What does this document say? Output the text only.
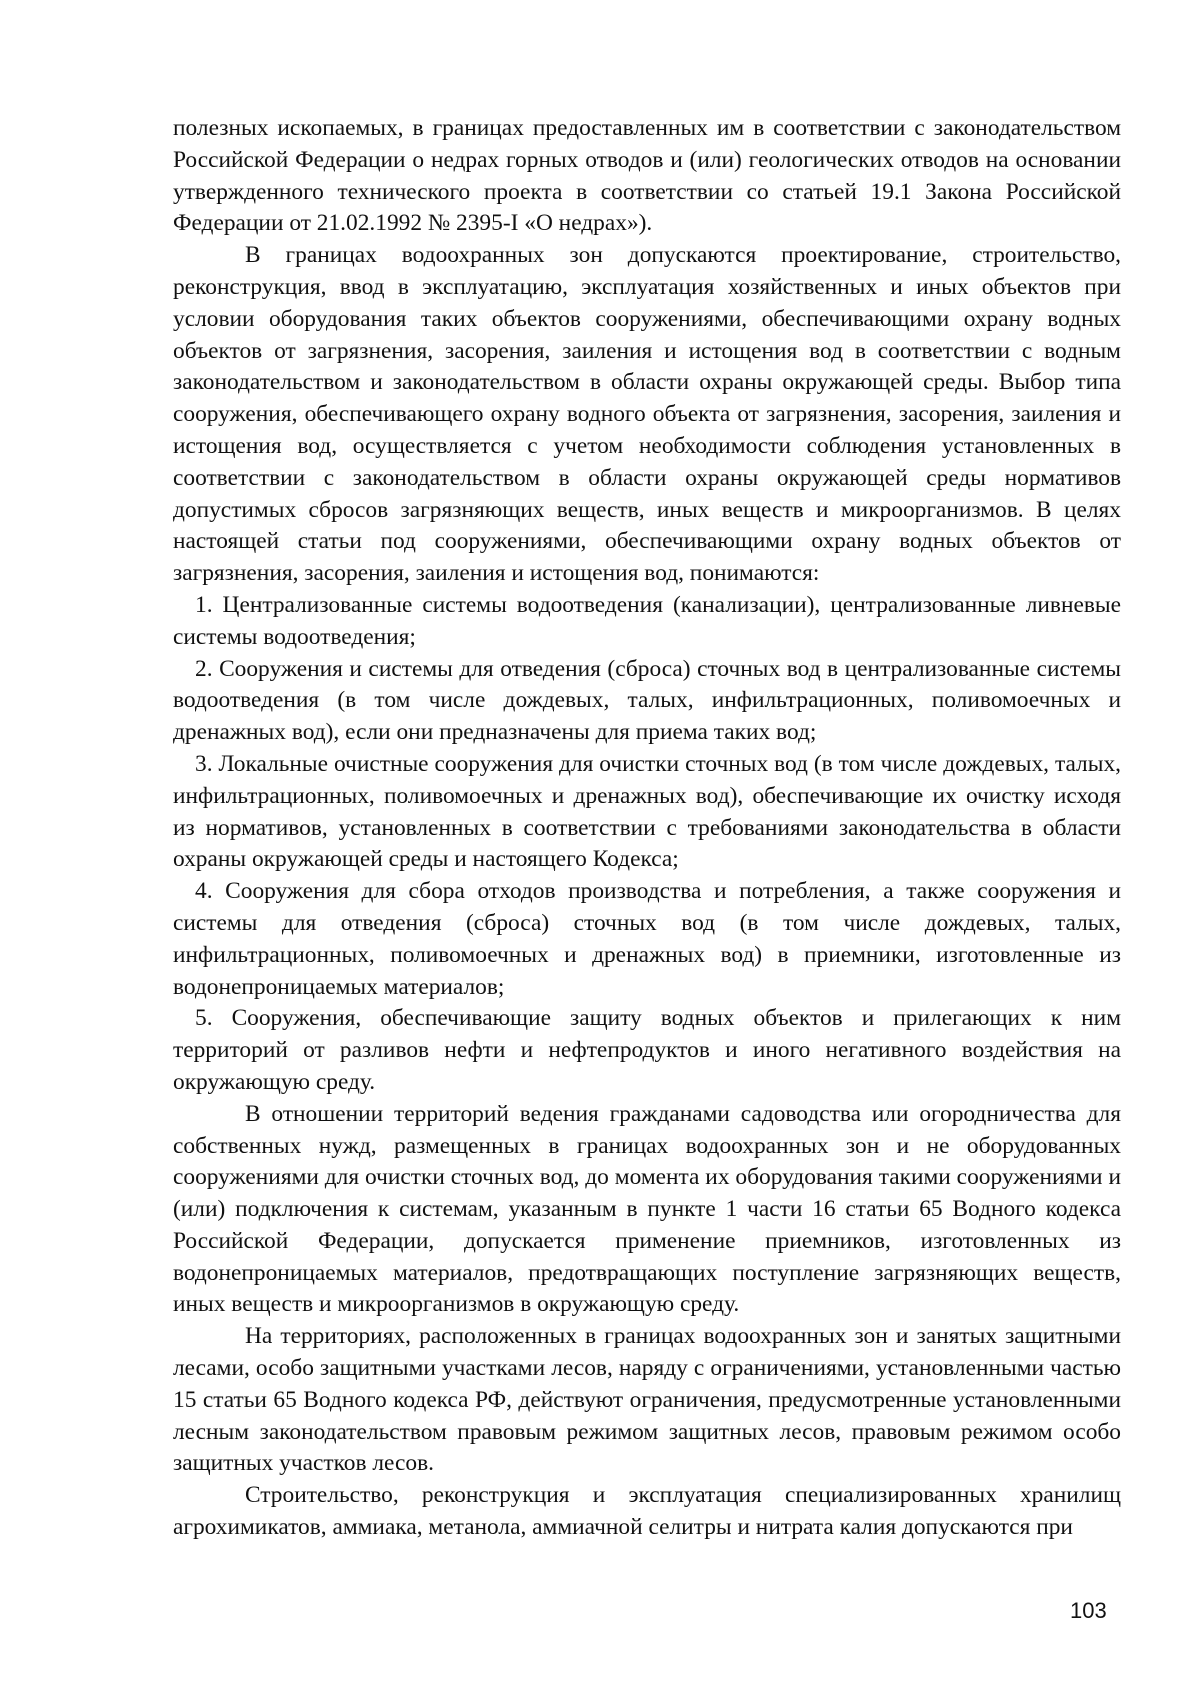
полезных ископаемых, в границах предоставленных им в соответствии с законодательством Российской Федерации о недрах горных отводов и (или) геологических отводов на основании утвержденного технического проекта в соответствии со статьей 19.1 Закона Российской Федерации от 21.02.1992 № 2395-I «О недрах»).

В границах водоохранных зон допускаются проектирование, строительство, реконструкция, ввод в эксплуатацию, эксплуатация хозяйственных и иных объектов при условии оборудования таких объектов сооружениями, обеспечивающими охрану водных объектов от загрязнения, засорения, заиления и истощения вод в соответствии с водным законодательством и законодательством в области охраны окружающей среды. Выбор типа сооружения, обеспечивающего охрану водного объекта от загрязнения, засорения, заиления и истощения вод, осуществляется с учетом необходимости соблюдения установленных в соответствии с законодательством в области охраны окружающей среды нормативов допустимых сбросов загрязняющих веществ, иных веществ и микроорганизмов. В целях настоящей статьи под сооружениями, обеспечивающими охрану водных объектов от загрязнения, засорения, заиления и истощения вод, понимаются:

1. Централизованные системы водоотведения (канализации), централизованные ливневые системы водоотведения;

2. Сооружения и системы для отведения (сброса) сточных вод в централизованные системы водоотведения (в том числе дождевых, талых, инфильтрационных, поливомоечных и дренажных вод), если они предназначены для приема таких вод;

3. Локальные очистные сооружения для очистки сточных вод (в том числе дождевых, талых, инфильтрационных, поливомоечных и дренажных вод), обеспечивающие их очистку исходя из нормативов, установленных в соответствии с требованиями законодательства в области охраны окружающей среды и настоящего Кодекса;

4. Сооружения для сбора отходов производства и потребления, а также сооружения и системы для отведения (сброса) сточных вод (в том числе дождевых, талых, инфильтрационных, поливомоечных и дренажных вод) в приемники, изготовленные из водонепроницаемых материалов;

5. Сооружения, обеспечивающие защиту водных объектов и прилегающих к ним территорий от разливов нефти и нефтепродуктов и иного негативного воздействия на окружающую среду.

В отношении территорий ведения гражданами садоводства или огородничества для собственных нужд, размещенных в границах водоохранных зон и не оборудованных сооружениями для очистки сточных вод, до момента их оборудования такими сооружениями и (или) подключения к системам, указанным в пункте 1 части 16 статьи 65 Водного кодекса Российской Федерации, допускается применение приемников, изготовленных из водонепроницаемых материалов, предотвращающих поступление загрязняющих веществ, иных веществ и микроорганизмов в окружающую среду.

На территориях, расположенных в границах водоохранных зон и занятых защитными лесами, особо защитными участками лесов, наряду с ограничениями, установленными частью 15 статьи 65 Водного кодекса РФ, действуют ограничения, предусмотренные установленными лесным законодательством правовым режимом защитных лесов, правовым режимом особо защитных участков лесов.

Строительство, реконструкция и эксплуатация специализированных хранилищ агрохимикатов, аммиака, метанола, аммиачной селитры и нитрата калия допускаются при

103
